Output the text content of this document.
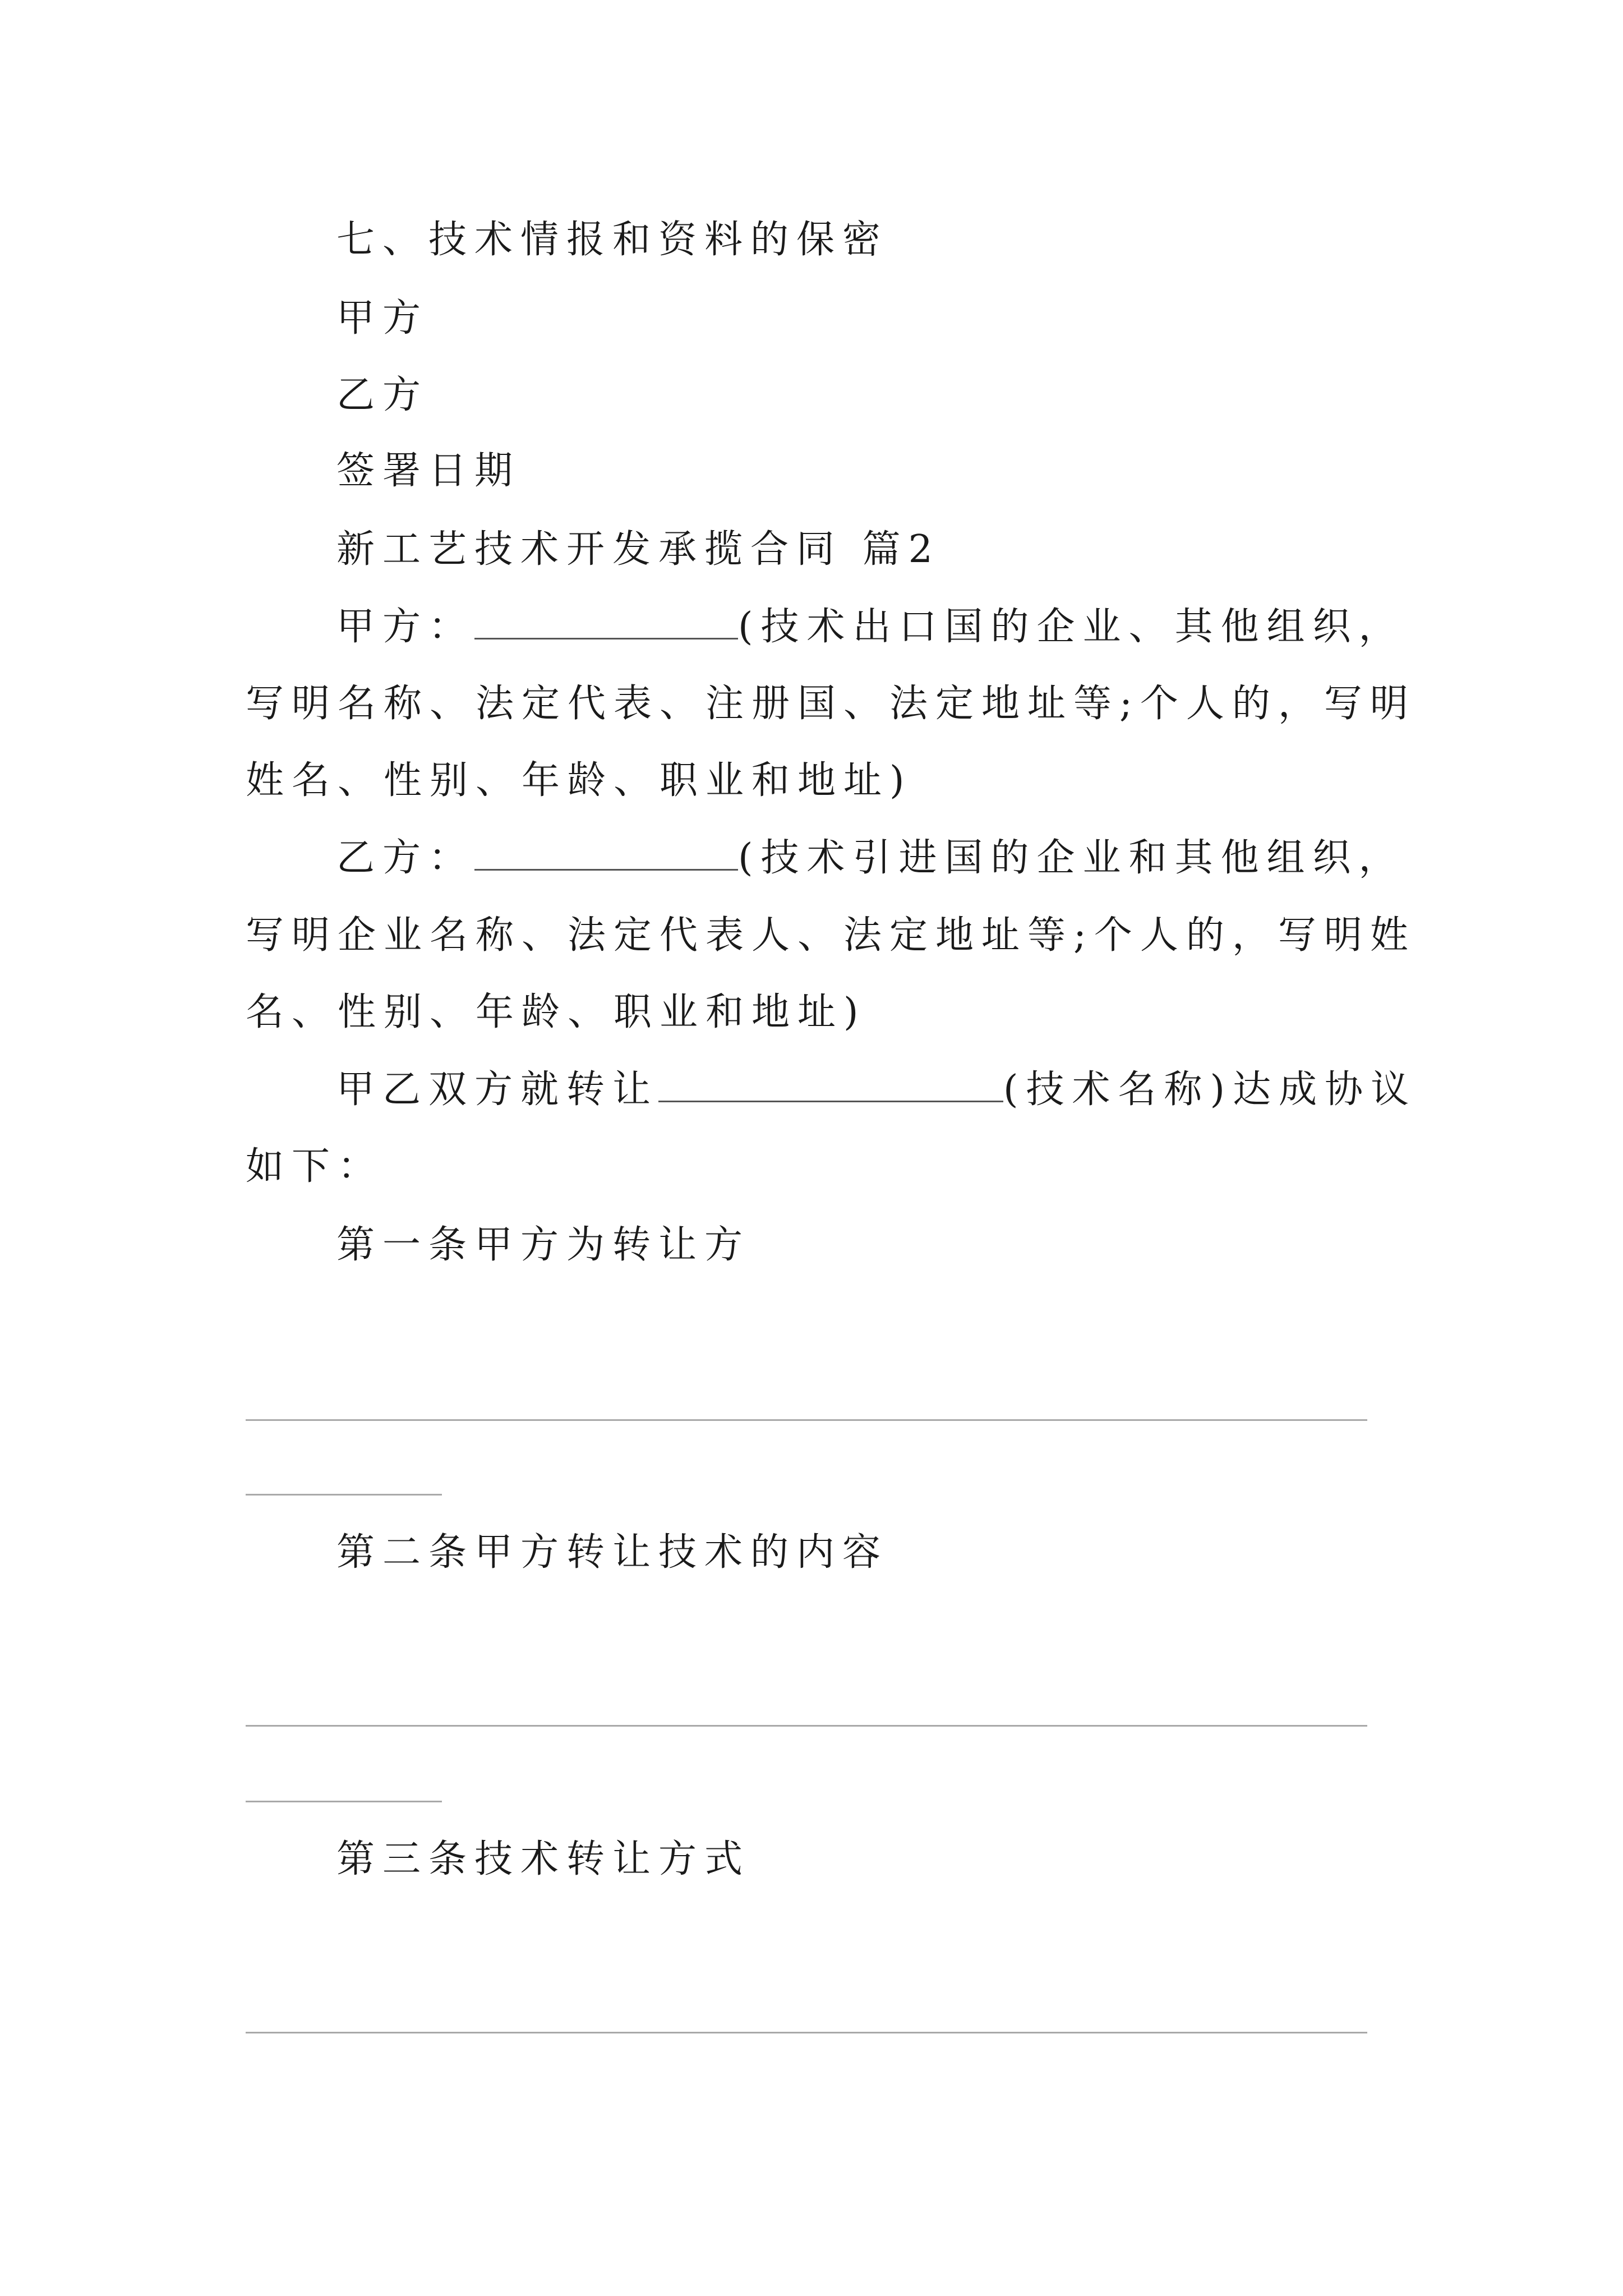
七、技术情报和资料的保密
甲方
乙方
签署日期
新工艺技术开发承揽合同 篇2
甲方：	(技术出口国的企业、其他组织，
写明名称、法定代表、注册国、法定地址等;个人的，写明
姓名、性别、年龄、职业和地址)
乙方：	(技术引进国的企业和其他组织，
写明企业名称、法定代表人、法定地址等;个人的，写明姓
名、性别、年龄、职业和地址)
甲乙双方就转让	(技术名称)达成协议
如下：
第一条甲方为转让方
第二条甲方转让技术的内容
第三条技术转让方式
